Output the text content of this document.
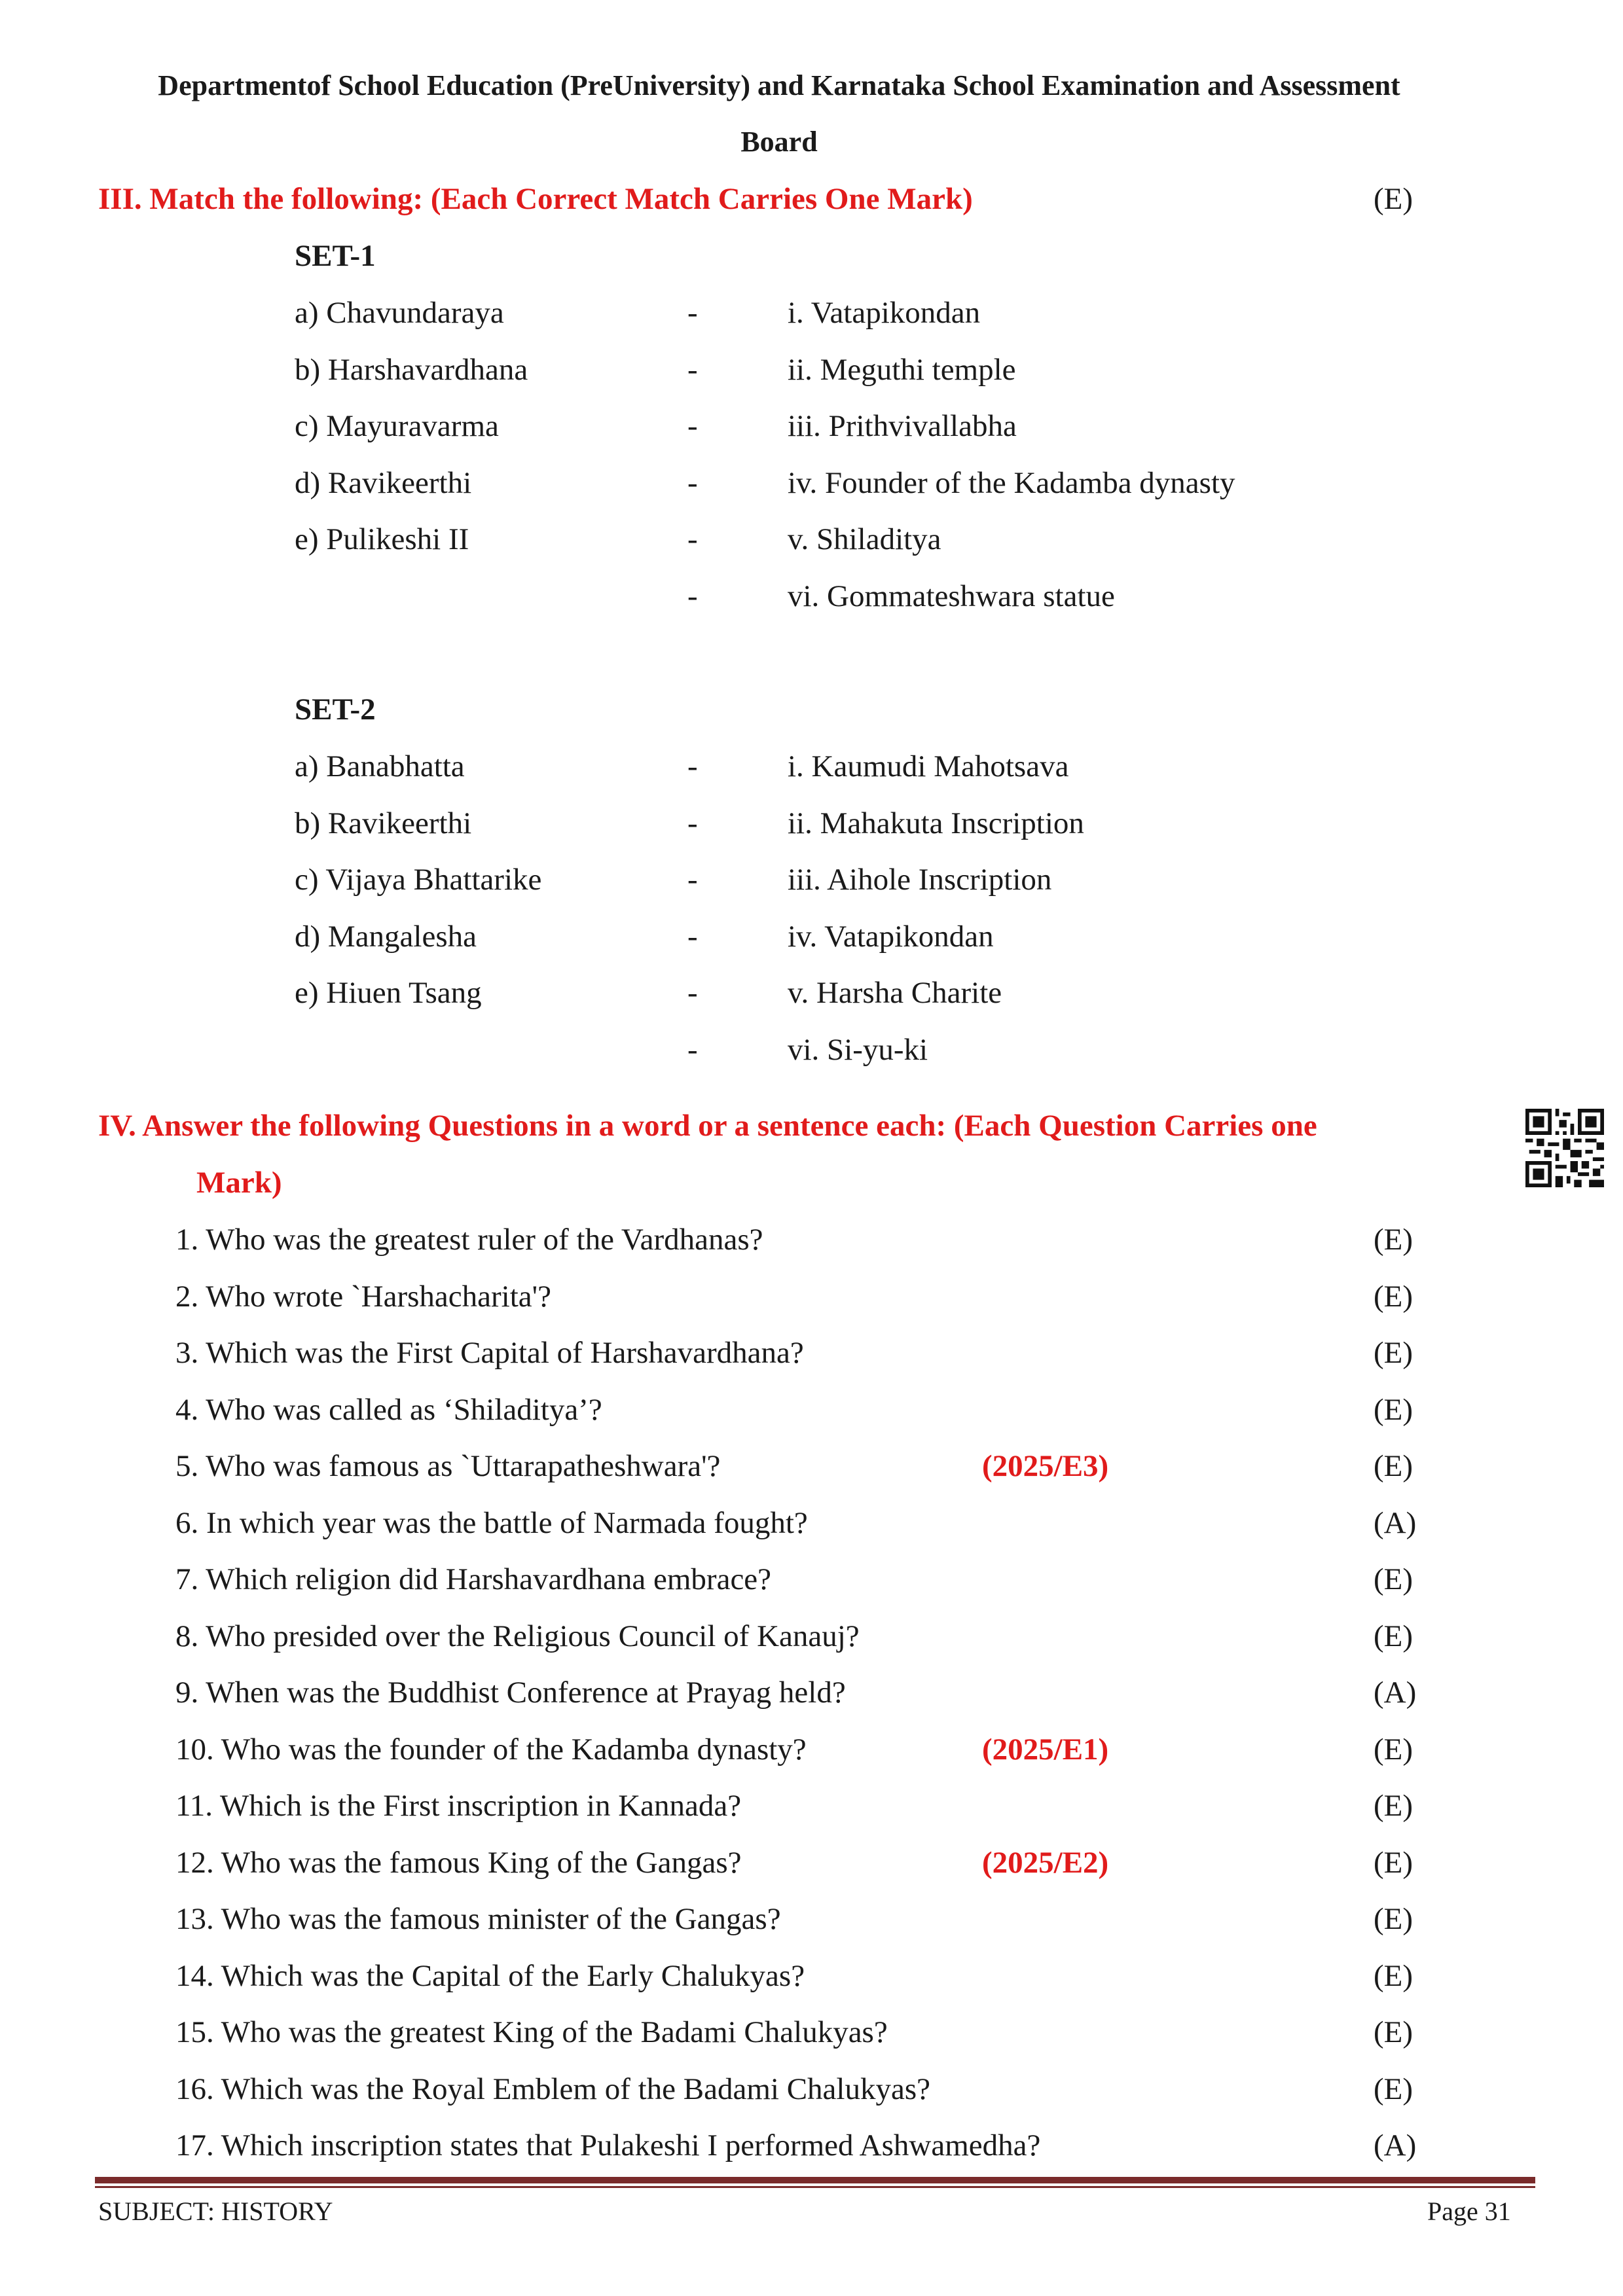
Departmentof School Education (PreUniversity) and Karnataka School Examination and Assessment
Board
III. Match the following: (Each Correct Match Carries One Mark)	(E)
SET-1
a) Chavundaraya	-	i. Vatapikondan
b) Harshavardhana	-	ii. Meguthi temple
c) Mayuravarma	-	iii. Prithvivallabha
d) Ravikeerthi	-	iv. Founder of the Kadamba dynasty
e) Pulikeshi II	-	v. Shiladitya
-	vi. Gommateshwara statue
SET-2
a) Banabhatta	-	i. Kaumudi Mahotsava
b) Ravikeerthi	-	ii. Mahakuta Inscription
c) Vijaya Bhattarike	-	iii. Aihole Inscription
d) Mangalesha	-	iv. Vatapikondan
e) Hiuen Tsang	-	v. Harsha Charite
-	vi. Si-yu-ki
IV. Answer the following Questions in a word or a sentence each: (Each Question Carries one
Mark)
1. Who was the greatest ruler of the Vardhanas?	(E)
2. Who wrote `Harshacharita'?	(E)
3. Which was the First Capital of Harshavardhana?	(E)
4. Who was called as ‘Shiladitya’?	(E)
5. Who was famous as `Uttarapatheshwara'?	(2025/E3)	(E)
6. In which year was the battle of Narmada fought?	(A)
7. Which religion did Harshavardhana embrace?	(E)
8. Who presided over the Religious Council of Kanauj?	(E)
9. When was the Buddhist Conference at Prayag held?	(A)
10. Who was the founder of the Kadamba dynasty?	(2025/E1)	(E)
11. Which is the First inscription in Kannada?	(E)
12. Who was the famous King of the Gangas?	(2025/E2)	(E)
13. Who was the famous minister of the Gangas?	(E)
14. Which was the Capital of the Early Chalukyas?	(E)
15. Who was the greatest King of the Badami Chalukyas?	(E)
16. Which was the Royal Emblem of the Badami Chalukyas?	(E)
17. Which inscription states that Pulakeshi I performed Ashwamedha?	(A)
SUBJECT: HISTORY	Page 31
